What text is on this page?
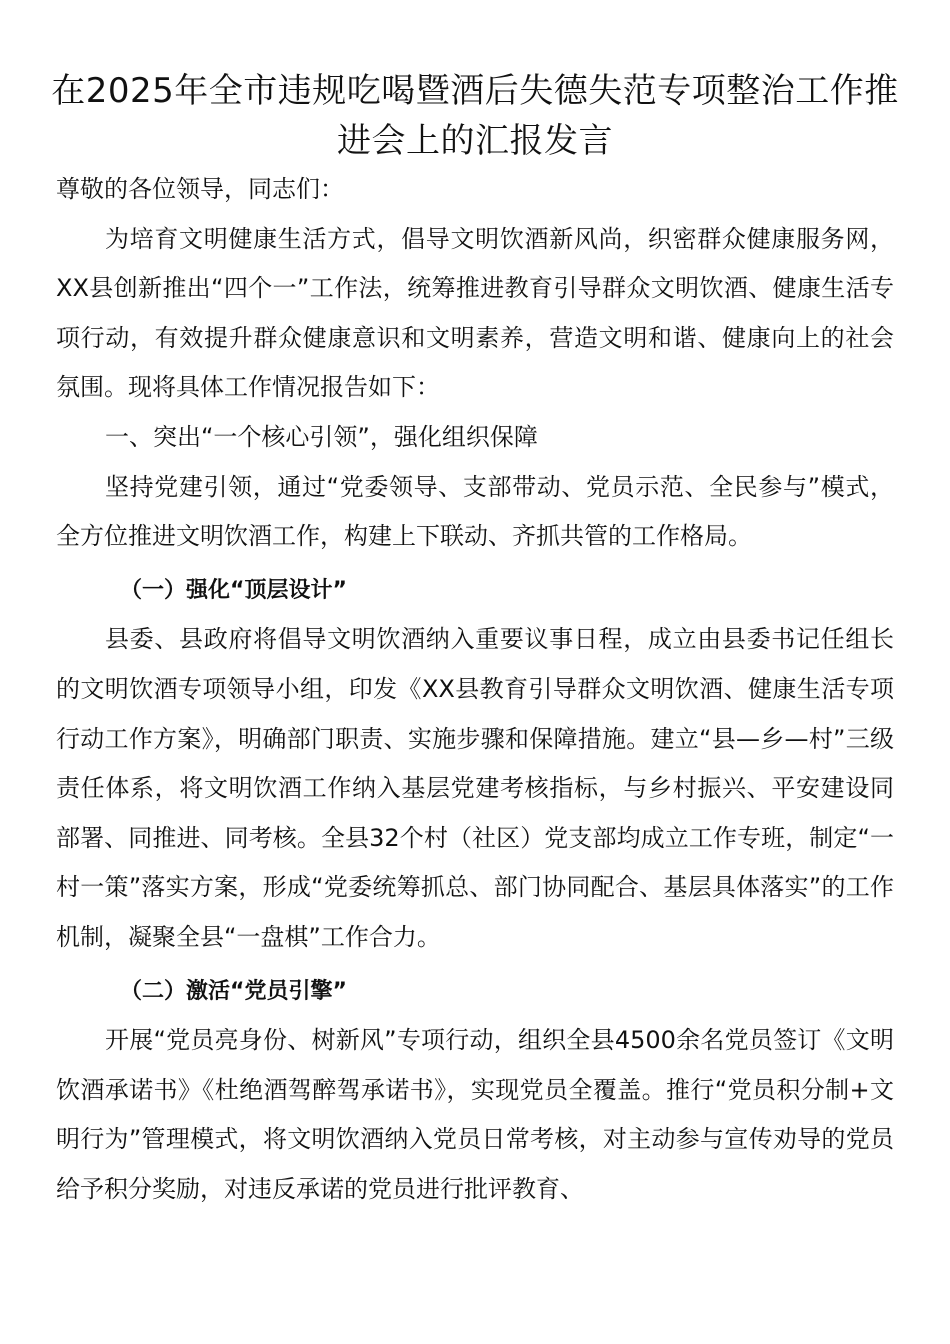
在2025年全市违规吃喝暨酒后失德失范专项整治工作推进会上的汇报发言

尊敬的各位领导，同志们：

为培育文明健康生活方式，倡导文明饮酒新风尚，织密群众健康服务网，XX县创新推出“四个一”工作法，统筹推进教育引导群众文明饮酒、健康生活专项行动，有效提升群众健康意识和文明素养，营造文明和谐、健康向上的社会氛围。现将具体工作情况报告如下：

一、突出“一个核心引领”，强化组织保障

坚持党建引领，通过“党委领导、支部带动、党员示范、全民参与”模式，全方位推进文明饮酒工作，构建上下联动、齐抓共管的工作格局。

（一）强化“顶层设计”

县委、县政府将倡导文明饮酒纳入重要议事日程，成立由县委书记任组长的文明饮酒专项领导小组，印发《XX县教育引导群众文明饮酒、健康生活专项行动工作方案》，明确部门职责、实施步骤和保障措施。建立“县—乡—村”三级责任体系，将文明饮酒工作纳入基层党建考核指标，与乡村振兴、平安建设同部署、同推进、同考核。全县32个村（社区）党支部均成立工作专班，制定“一村一策”落实方案，形成“党委统筹抓总、部门协同配合、基层具体落实”的工作机制，凝聚全县“一盘棋”工作合力。

（二）激活“党员引擎”

开展“党员亮身份、树新风”专项行动，组织全县4500余名党员签订《文明饮酒承诺书》《杜绝酒驾醉驾承诺书》，实现党员全覆盖。推行“党员积分制+文明行为”管理模式，将文明饮酒纳入党员日常考核，对主动参与宣传劝导的党员给予积分奖励，对违反承诺的党员进行批评教育、
